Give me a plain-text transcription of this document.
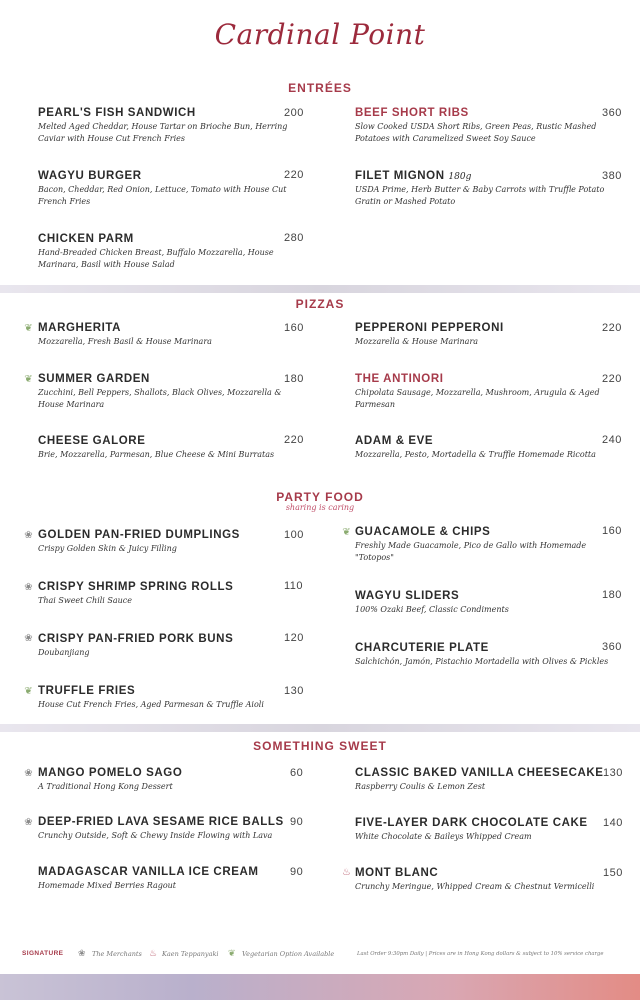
Cardinal Point
ENTRÉES
PEARL'S FISH SANDWICH
Melted Aged Cheddar, House Tartar on Brioche Bun, Herring Caviar with House Cut French Fries
200
WAGYU BURGER
Bacon, Cheddar, Red Onion, Lettuce, Tomato with House Cut French Fries
220
CHICKEN PARM
Hand-Breaded Chicken Breast, Buffalo Mozzarella, House Marinara, Basil with House Salad
280
BEEF SHORT RIBS
Slow Cooked USDA Short Ribs, Green Peas, Rustic Mashed Potatoes with Caramelized Sweet Soy Sauce
360
FILET MIGNON 180g
USDA Prime, Herb Butter & Baby Carrots with Truffle Potato Gratin or Mashed Potato
380
PIZZAS
❦ MARGHERITA
Mozzarella, Fresh Basil & House Marinara
160
❦ SUMMER GARDEN
Zucchini, Bell Peppers, Shallots, Black Olives, Mozzarella & House Marinara
180
CHEESE GALORE
Brie, Mozzarella, Parmesan, Blue Cheese & Mini Burratas
220
PEPPERONI PEPPERONI
Mozzarella & House Marinara
220
THE ANTINORI
Chipolata Sausage, Mozzarella, Mushroom, Arugula & Aged Parmesan
220
ADAM & EVE
Mozzarella, Pesto, Mortadella & Truffle Homemade Ricotta
240
PARTY FOOD
sharing is caring
❀ GOLDEN PAN-FRIED DUMPLINGS
Crispy Golden Skin & Juicy Filling
100
❀ CRISPY SHRIMP SPRING ROLLS
Thai Sweet Chili Sauce
110
❀ CRISPY PAN-FRIED PORK BUNS
Doubanjiang
120
❦ TRUFFLE FRIES
House Cut French Fries, Aged Parmesan & Truffle Aioli
130
❦ GUACAMOLE & CHIPS
Freshly Made Guacamole, Pico de Gallo with Homemade "Totopos"
160
WAGYU SLIDERS
100% Ozaki Beef, Classic Condiments
180
CHARCUTERIE PLATE
Salchichón, Jamón, Pistachio Mortadella with Olives & Pickles
360
SOMETHING SWEET
❀ MANGO POMELO SAGO
A Traditional Hong Kong Dessert
60
❀ DEEP-FRIED LAVA SESAME RICE BALLS
Crunchy Outside, Soft & Chewy Inside Flowing with Lava
90
MADAGASCAR VANILLA ICE CREAM
Homemade Mixed Berries Ragout
90
CLASSIC BAKED VANILLA CHEESECAKE
Raspberry Coulis & Lemon Zest
130
FIVE-LAYER DARK CHOCOLATE CAKE
White Chocolate & Baileys Whipped Cream
140
♨ MONT BLANC
Crunchy Meringue, Whipped Cream & Chestnut Vermicelli
150
SIGNATURE ❀ The Merchants ♨ Kaen Teppanyaki ❦ Vegetarian Option Available	Last Order 9:30pm Daily | Prices are in Hong Kong dollars & subject to 10% service charge
